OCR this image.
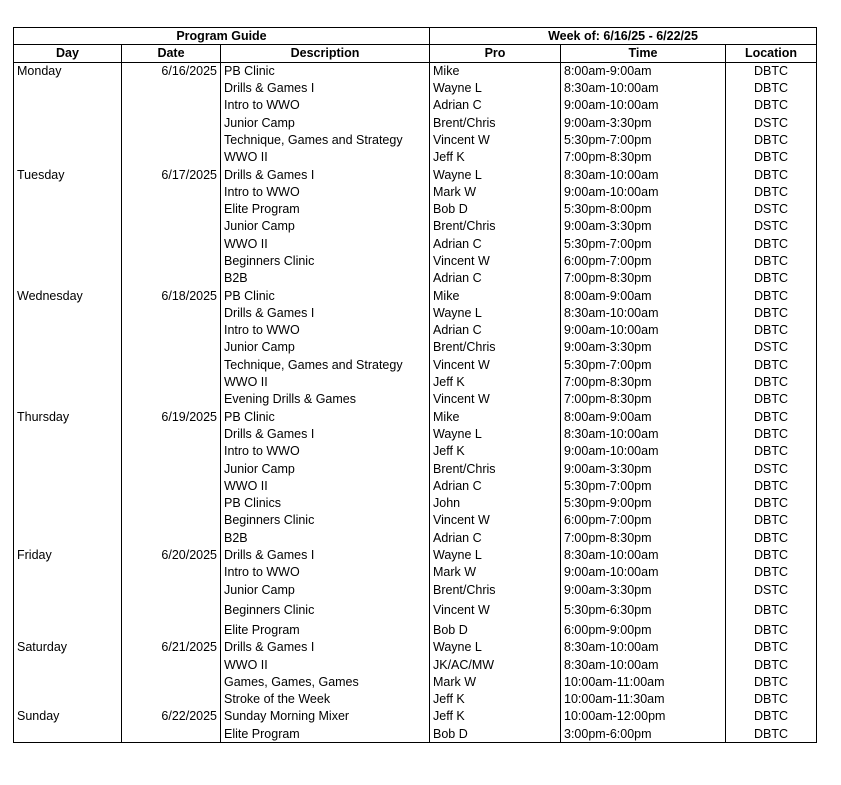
Program Guide			Week of: 6/16/25 - 6/22/25		
Day	Date	Description	Pro	Time	Location
Monday	6/16/2025	PB Clinic	Mike	8:00am-9:00am	DBTC
		Drills & Games I	Wayne L	8:30am-10:00am	DBTC
		Intro to WWO	Adrian C	9:00am-10:00am	DBTC
		Junior Camp	Brent/Chris	9:00am-3:30pm	DSTC
		Technique, Games and Strategy	Vincent W	5:30pm-7:00pm	DBTC
		WWO II	Jeff K	7:00pm-8:30pm	DBTC
Tuesday	6/17/2025	Drills & Games I	Wayne L	8:30am-10:00am	DBTC
		Intro to WWO	Mark W	9:00am-10:00am	DBTC
		Elite Program	Bob D	5:30pm-8:00pm	DSTC
		Junior Camp	Brent/Chris	9:00am-3:30pm	DSTC
		WWO II	Adrian C	5:30pm-7:00pm	DBTC
		Beginners Clinic	Vincent W	6:00pm-7:00pm	DBTC
		B2B	Adrian C	7:00pm-8:30pm	DBTC
Wednesday	6/18/2025	PB Clinic	Mike	8:00am-9:00am	DBTC
		Drills & Games I	Wayne L	8:30am-10:00am	DBTC
		Intro to WWO	Adrian C	9:00am-10:00am	DBTC
		Junior Camp	Brent/Chris	9:00am-3:30pm	DSTC
		Technique, Games and Strategy	Vincent W	5:30pm-7:00pm	DBTC
		WWO II	Jeff K	7:00pm-8:30pm	DBTC
		Evening Drills & Games	Vincent W	7:00pm-8:30pm	DBTC
Thursday	6/19/2025	PB Clinic	Mike	8:00am-9:00am	DBTC
		Drills & Games I	Wayne L	8:30am-10:00am	DBTC
		Intro to WWO	Jeff K	9:00am-10:00am	DBTC
		Junior Camp	Brent/Chris	9:00am-3:30pm	DSTC
		WWO II	Adrian C	5:30pm-7:00pm	DBTC
		PB Clinics	John	5:30pm-9:00pm	DBTC
		Beginners Clinic	Vincent W	6:00pm-7:00pm	DBTC
		B2B	Adrian C	7:00pm-8:30pm	DBTC
Friday	6/20/2025	Drills & Games I	Wayne L	8:30am-10:00am	DBTC
		Intro to WWO	Mark W	9:00am-10:00am	DBTC
		Junior Camp	Brent/Chris	9:00am-3:30pm	DSTC
		Beginners Clinic	Vincent W	5:30pm-6:30pm	DBTC
		Elite Program	Bob D	6:00pm-9:00pm	DBTC
Saturday	6/21/2025	Drills & Games I	Wayne L	8:30am-10:00am	DBTC
		WWO II	JK/AC/MW	8:30am-10:00am	DBTC
		Games, Games, Games	Mark W	10:00am-11:00am	DBTC
		Stroke of the Week	Jeff K	10:00am-11:30am	DBTC
Sunday	6/22/2025	Sunday Morning Mixer	Jeff K	10:00am-12:00pm	DBTC
		Elite Program	Bob D	3:00pm-6:00pm	DBTC
